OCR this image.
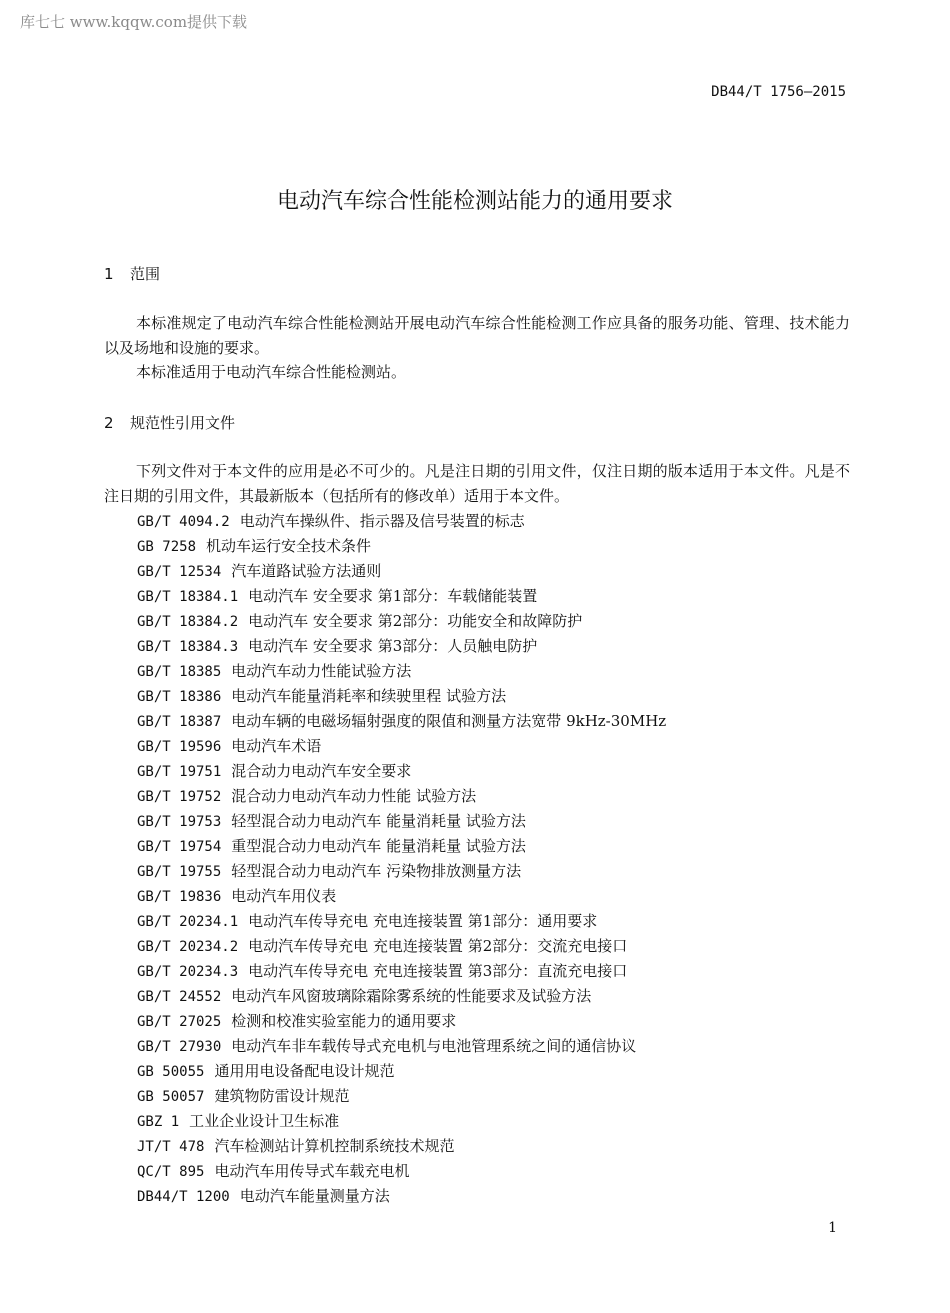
库七七 www.kqqw.com提供下载
DB44/T 1756—2015
电动汽车综合性能检测站能力的通用要求
1 范围
本标准规定了电动汽车综合性能检测站开展电动汽车综合性能检测工作应具备的服务功能、管理、技术能力以及场地和设施的要求。
本标准适用于电动汽车综合性能检测站。
2 规范性引用文件
下列文件对于本文件的应用是必不可少的。凡是注日期的引用文件，仅注日期的版本适用于本文件。凡是不注日期的引用文件，其最新版本（包括所有的修改单）适用于本文件。
GB/T 4094.2 电动汽车操纵件、指示器及信号装置的标志
GB 7258 机动车运行安全技术条件
GB/T 12534 汽车道路试验方法通则
GB/T 18384.1 电动汽车 安全要求 第1部分：车载储能装置
GB/T 18384.2 电动汽车 安全要求 第2部分：功能安全和故障防护
GB/T 18384.3 电动汽车 安全要求 第3部分：人员触电防护
GB/T 18385 电动汽车动力性能试验方法
GB/T 18386 电动汽车能量消耗率和续驶里程 试验方法
GB/T 18387 电动车辆的电磁场辐射强度的限值和测量方法宽带 9kHz-30MHz
GB/T 19596 电动汽车术语
GB/T 19751 混合动力电动汽车安全要求
GB/T 19752 混合动力电动汽车动力性能 试验方法
GB/T 19753 轻型混合动力电动汽车 能量消耗量 试验方法
GB/T 19754 重型混合动力电动汽车 能量消耗量 试验方法
GB/T 19755 轻型混合动力电动汽车 污染物排放测量方法
GB/T 19836 电动汽车用仪表
GB/T 20234.1 电动汽车传导充电 充电连接装置 第1部分：通用要求
GB/T 20234.2 电动汽车传导充电 充电连接装置 第2部分：交流充电接口
GB/T 20234.3 电动汽车传导充电 充电连接装置 第3部分：直流充电接口
GB/T 24552 电动汽车风窗玻璃除霜除雾系统的性能要求及试验方法
GB/T 27025 检测和校准实验室能力的通用要求
GB/T 27930 电动汽车非车载传导式充电机与电池管理系统之间的通信协议
GB 50055 通用用电设备配电设计规范
GB 50057 建筑物防雷设计规范
GBZ 1 工业企业设计卫生标准
JT/T 478 汽车检测站计算机控制系统技术规范
QC/T 895 电动汽车用传导式车载充电机
DB44/T 1200 电动汽车能量测量方法
1
